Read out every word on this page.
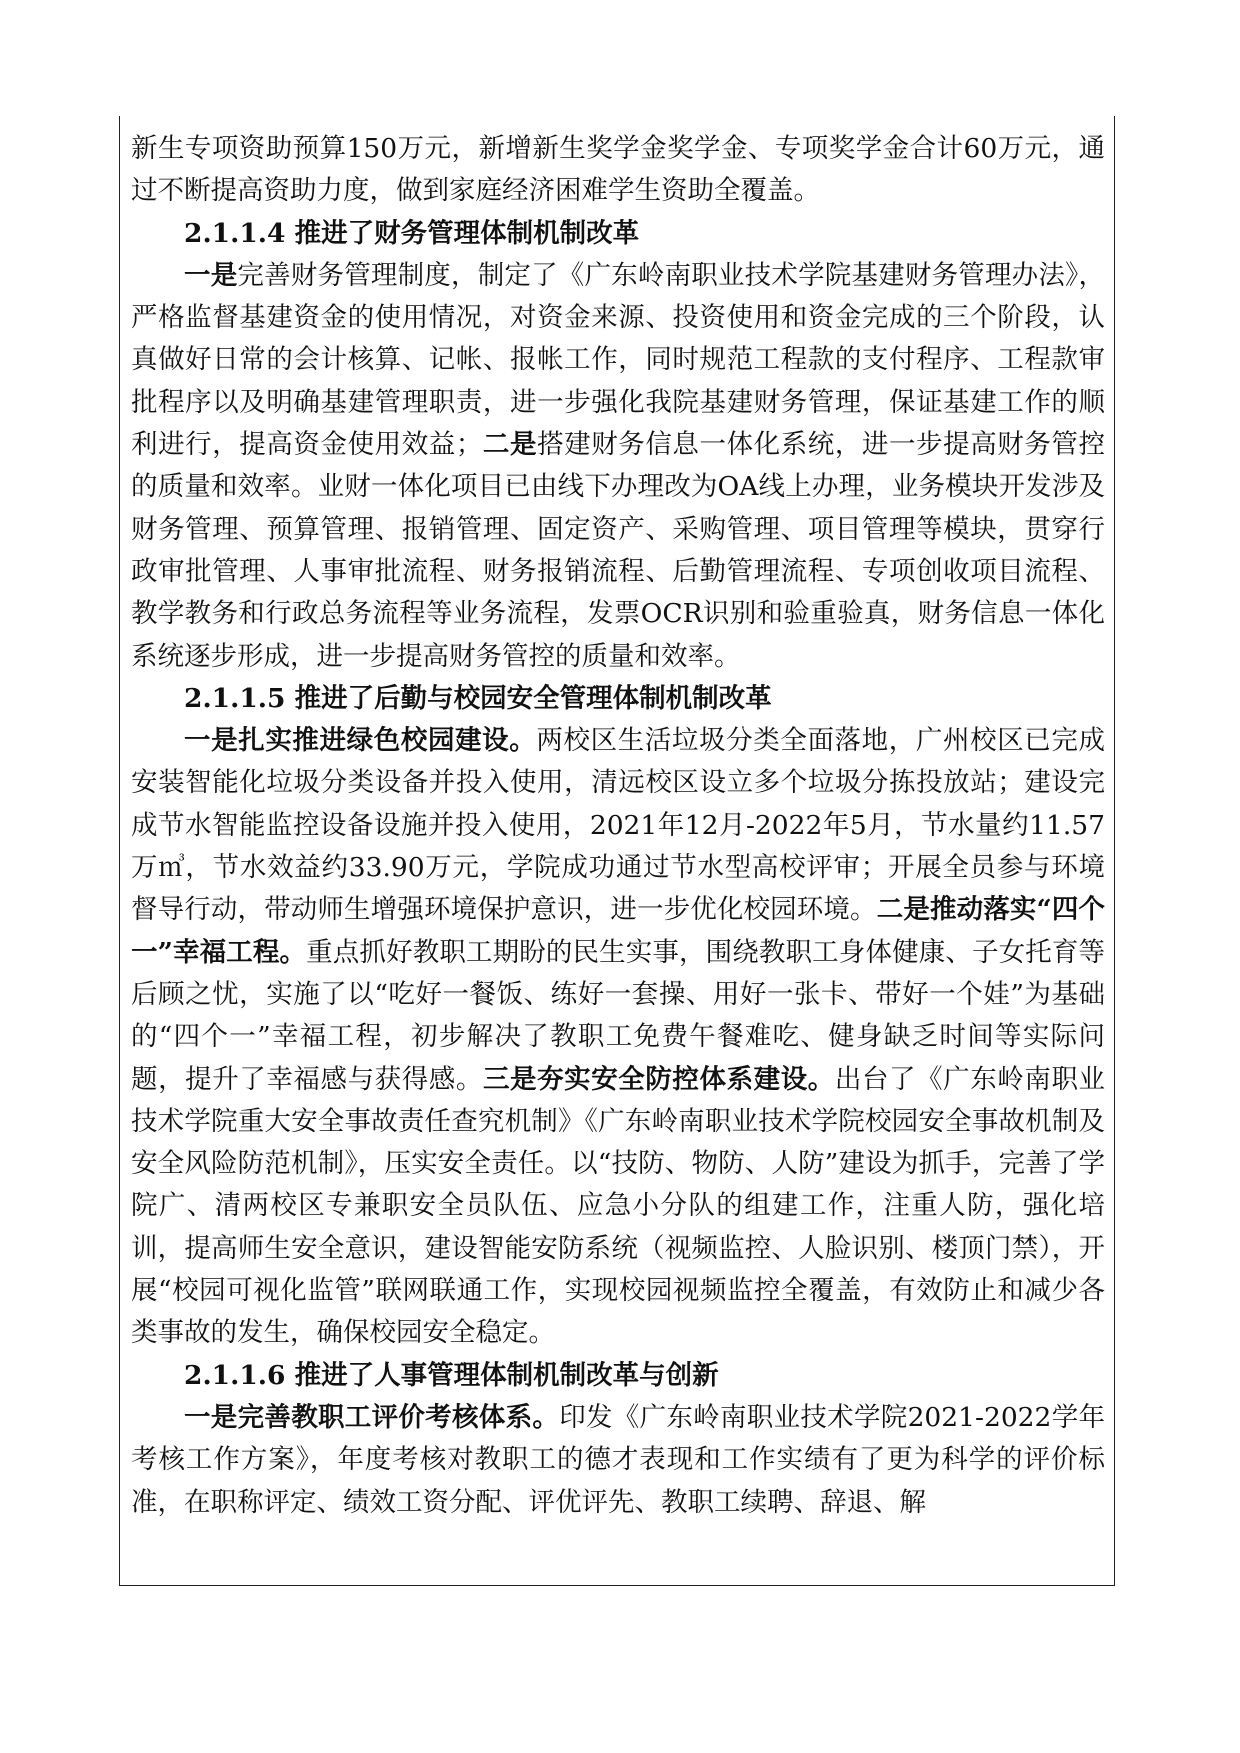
新生专项资助预算150万元，新增新生奖学金奖学金、专项奖学金合计60万元，通过不断提高资助力度，做到家庭经济困难学生资助全覆盖。

2.1.1.4 推进了财务管理体制机制改革

一是完善财务管理制度，制定了《广东岭南职业技术学院基建财务管理办法》，严格监督基建资金的使用情况，对资金来源、投资使用和资金完成的三个阶段，认真做好日常的会计核算、记帐、报帐工作，同时规范工程款的支付程序、工程款审批程序以及明确基建管理职责，进一步强化我院基建财务管理，保证基建工作的顺利进行，提高资金使用效益；二是搭建财务信息一体化系统，进一步提高财务管控的质量和效率。业财一体化项目已由线下办理改为OA线上办理，业务模块开发涉及财务管理、预算管理、报销管理、固定资产、采购管理、项目管理等模块，贯穿行政审批管理、人事审批流程、财务报销流程、后勤管理流程、专项创收项目流程、教学教务和行政总务流程等业务流程，发票OCR识别和验重验真，财务信息一体化系统逐步形成，进一步提高财务管控的质量和效率。

2.1.1.5 推进了后勤与校园安全管理体制机制改革

一是扎实推进绿色校园建设。两校区生活垃圾分类全面落地，广州校区已完成安装智能化垃圾分类设备并投入使用，清远校区设立多个垃圾分拣投放站；建设完成节水智能监控设备设施并投入使用，2021年12月-2022年5月，节水量约11.57万㎥，节水效益约33.90万元，学院成功通过节水型高校评审；开展全员参与环境督导行动，带动师生增强环境保护意识，进一步优化校园环境。二是推动落实“四个一”幸福工程。重点抓好教职工期盼的民生实事，围绕教职工身体健康、子女托育等后顾之忧，实施了以“吃好一餐饭、练好一套操、用好一张卡、带好一个娃”为基础的“四个一”幸福工程，初步解决了教职工免费午餐难吃、健身缺乏时间等实际问题，提升了幸福感与获得感。三是夯实安全防控体系建设。出台了《广东岭南职业技术学院重大安全事故责任查究机制》《广东岭南职业技术学院校园安全事故机制及安全风险防范机制》，压实安全责任。以“技防、物防、人防”建设为抓手，完善了学院广、清两校区专兼职安全员队伍、应急小分队的组建工作，注重人防，强化培训，提高师生安全意识，建设智能安防系统（视频监控、人脸识别、楼顶门禁），开展“校园可视化监管”联网联通工作，实现校园视频监控全覆盖，有效防止和减少各类事故的发生，确保校园安全稳定。

2.1.1.6 推进了人事管理体制机制改革与创新

一是完善教职工评价考核体系。印发《广东岭南职业技术学院2021-2022学年考核工作方案》，年度考核对教职工的德才表现和工作实绩有了更为科学的评价标准，在职称评定、绩效工资分配、评优评先、教职工续聘、辞退、解
